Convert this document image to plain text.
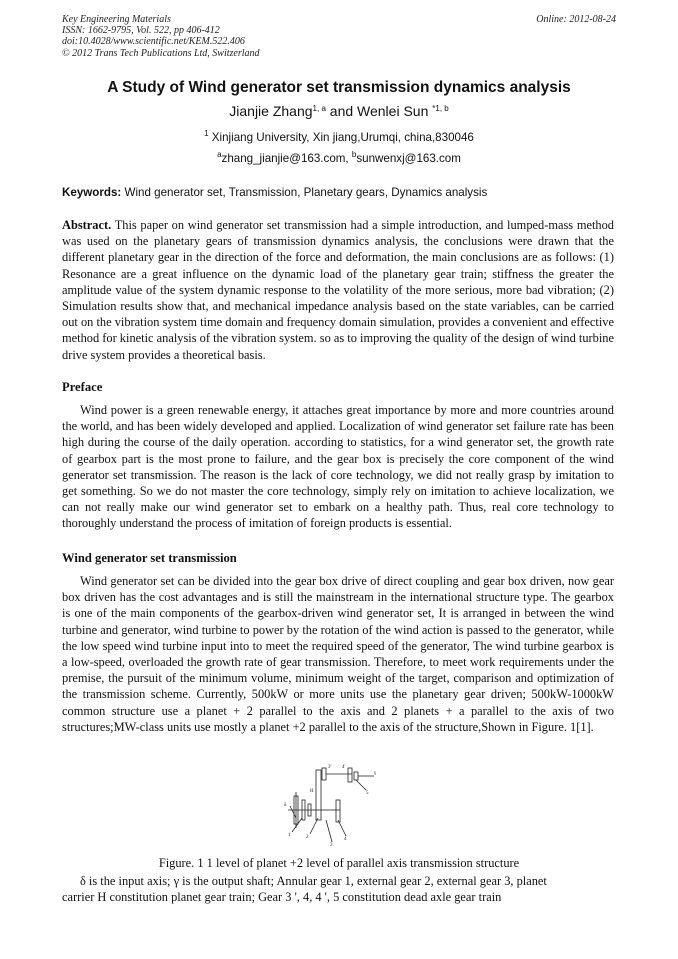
Key Engineering Materials
ISSN: 1662-9795, Vol. 522, pp 406-412
doi:10.4028/www.scientific.net/KEM.522.406
© 2012 Trans Tech Publications Ltd, Switzerland
Online: 2012-08-24
A Study of Wind generator set transmission dynamics analysis
Jianjie Zhang$^{1, a}$ and Wenlei Sun $^{*1, b}$
$^1$ Xinjiang University, Xin jiang,Urumqi, china,830046
$^a$zhang_jianjie@163.com, $^b$sunwenxj@163.com
Keywords: Wind generator set, Transmission, Planetary gears, Dynamics analysis

Abstract. This paper on wind generator set transmission had a simple introduction, and lumped-mass method was used on the planetary gears of transmission dynamics analysis, the conclusions were drawn that the different planetary gear in the direction of the force and deformation, the main conclusions are as follows: (1) Resonance are a great influence on the dynamic load of the planetary gear train; stiffness the greater the amplitude value of the system dynamic response to the volatility of the more serious, more bad vibration; (2) Simulation results show that, and mechanical impedance analysis based on the state variables, can be carried out on the vibration system time domain and frequency domain simulation, provides a convenient and effective method for kinetic analysis of the vibration system. so as to improving the quality of the design of wind turbine drive system provides a theoretical basis.

Preface
Wind power is a green renewable energy, it attaches great importance by more and more countries around the world, and has been widely developed and applied. Localization of wind generator set failure rate has been high during the course of the daily operation. according to statistics, for a wind generator set, the growth rate of gearbox part is the most prone to failure, and the gear box is precisely the core component of the wind generator set transmission. The reason is the lack of core technology, we did not really grasp by imitation to get something. So we do not master the core technology, simply rely on imitation to achieve localization, we can not really make our wind generator set to embark on a healthy path. Thus, real core technology to thoroughly understand the process of imitation of foreign products is essential.
Wind generator set transmission
Wind generator set can be divided into the gear box drive of direct coupling and gear box driven, now gear box driven has the cost advantages and is still the mainstream in the international structure type. The gearbox is one of the main components of the gearbox-driven wind generator set, It is arranged in between the wind turbine and generator, wind turbine to power by the rotation of the wind action is passed to the generator, while the low speed wind turbine input into to meet the required speed of the generator, The wind turbine gearbox is a low-speed, overloaded the growth rate of gear transmission. Therefore, to meet work requirements under the premise, the pursuit of the minimum volume, minimum weight of the target, comparison and optimization of the transmission scheme. Currently, 500kW or more units use the planetary gear driven; 500kW-1000kW common structure use a planet + 2 parallel to the axis and 2 planets + a parallel to the axis of two structures;MW-class units use mostly a planet +2 parallel to the axis of the structure,Shown in Figure. 1[1].
δ
1	2
H
3
3'
4
4'
5
γ
Figure. 1 1 level of planet +2 level of parallel axis transmission structure
δ is the input axis; γ is the output shaft; Annular gear 1, external gear 2, external gear 3, planet
carrier H constitution planet gear train; Gear 3 ', 4, 4 ', 5 constitution dead axle gear train
